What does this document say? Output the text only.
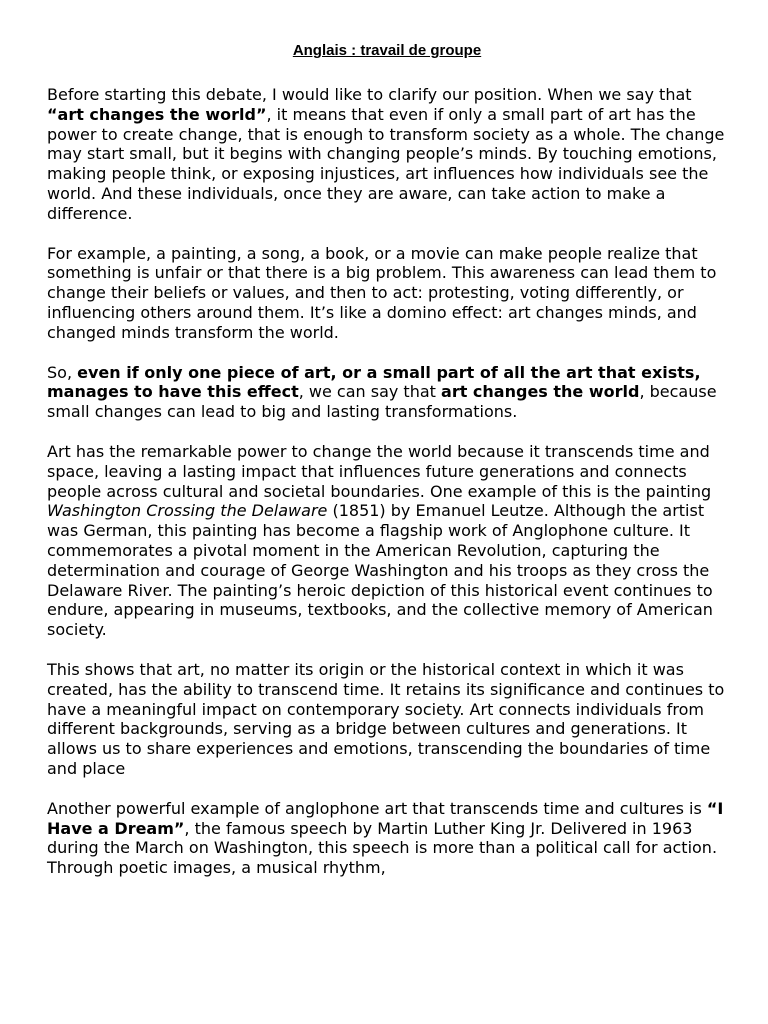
Anglais : travail de groupe

Before starting this debate, I would like to clarify our position. When we say that “art changes the world”, it means that even if only a small part of art has the power to create change, that is enough to transform society as a whole. The change may start small, but it begins with changing people’s minds. By touching emotions, making people think, or exposing injustices, art influences how individuals see the world. And these individuals, once they are aware, can take action to make a difference.

For example, a painting, a song, a book, or a movie can make people realize that something is unfair or that there is a big problem. This awareness can lead them to change their beliefs or values, and then to act: protesting, voting differently, or influencing others around them. It’s like a domino effect: art changes minds, and changed minds transform the world.

So, even if only one piece of art, or a small part of all the art that exists, manages to have this effect, we can say that art changes the world, because small changes can lead to big and lasting transformations.

Art has the remarkable power to change the world because it transcends time and space, leaving a lasting impact that influences future generations and connects people across cultural and societal boundaries. One example of this is the painting Washington Crossing the Delaware (1851) by Emanuel Leutze. Although the artist was German, this painting has become a flagship work of Anglophone culture. It commemorates a pivotal moment in the American Revolution, capturing the determination and courage of George Washington and his troops as they cross the Delaware River. The painting’s heroic depiction of this historical event continues to endure, appearing in museums, textbooks, and the collective memory of American society.

This shows that art, no matter its origin or the historical context in which it was created, has the ability to transcend time. It retains its significance and continues to have a meaningful impact on contemporary society. Art connects individuals from different backgrounds, serving as a bridge between cultures and generations. It allows us to share experiences and emotions, transcending the boundaries of time and place

Another powerful example of anglophone art that transcends time and cultures is “I Have a Dream”, the famous speech by Martin Luther King Jr. Delivered in 1963 during the March on Washington, this speech is more than a political call for action. Through poetic images, a musical rhythm,
